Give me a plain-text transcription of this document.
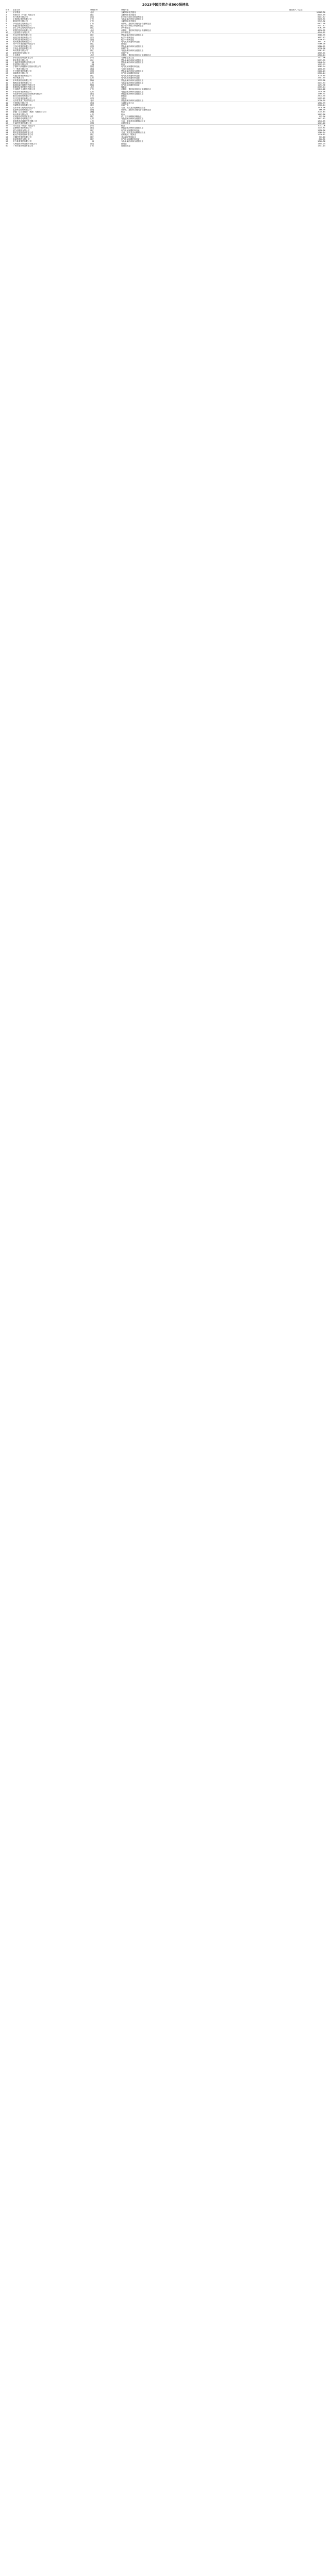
2023中国民营企业500强榜单
排名	企业名称	所属省份	所属行业		营业收入（亿元）
1	京东集团	北京	互联网和相关服务		10462.36
2	阿里巴巴（中国）有限公司	浙江	互联网和相关服务		8645.39
3	恒力集团有限公司	江苏	化学原料和化学制品制造业		6117.57
4	正威国际集团有限公司	广东	有色金属冶炼和压延加工业		6136.31
5	腾讯控股有限公司	广东	互联网和相关服务		5545.52
6	华为投资控股有限公司	广东	计算机、通信和其他电子设备制造业		6423.38
7	荣盛控股集团有限公司	浙江	化学原料和化学制品制造业		5111.67
8	浙江吉利控股集团有限公司	浙江	汽车制造业		4062.69
9	联想控股股份有限公司	北京	计算机、通信和其他电子设备制造业		4836.32
10	比亚迪股份有限公司	广东	汽车制造业		4240.61
11	青山控股集团有限公司	浙江	黑色金属冶炼和压延加工业		3680.95
12	盛虹控股集团有限公司	江苏	化学纤维制造业		3652.12
13	恒申控股集团有限公司	福建	化学纤维制造业		3206.53
14	美的集团股份有限公司	广东	电气机械和器材制造业		3457.09
15	物产中大集团股份有限公司	浙江	批发业		5766.28
16	江苏沙钢集团有限公司	江苏	黑色金属冶炼和压延加工业		2886.51
17	万科企业股份有限公司	广东	房地产业		5038.38
18	海亮集团有限公司	浙江	有色金属冶炼和压延加工业		2581.87
19	碧桂园控股有限公司	广东	房地产业		4305.71
20	小米集团	北京	计算机、通信和其他电子设备制造业		2800.44
21	新希望控股集团有限公司	四川	农副食品加工业		2721.96
22	敬业集团有限公司	河北	黑色金属冶炼和压延加工业		2537.05
23	上海德龙钢铁集团有限公司	上海	黑色金属冶炼和压延加工业		2448.94
24	复星国际有限公司	上海	综合		1753.93
25	宁德时代新能源科技股份有限公司	福建	电气机械和器材制造业		3285.94
26	三一集团有限公司	湖南	专用设备制造业		1656.59
27	中天钢铁集团有限公司	江苏	黑色金属冶炼和压延加工业		2102.13
28	通威集团有限公司	四川	电气机械和器材制造业		2310.14
29	天能控股集团有限公司	浙江	电气机械和器材制造业		2030.80
30	海尔集团公司	山东	电气机械和器材制造业		2501.55
31	东岭集团股份有限公司	陕西	黑色金属冶炼和压延加工业		1735.88
32	魏桥创业集团有限公司	山东	有色金属冶炼和压延加工业		4133.33
33	隆基绿能科技股份有限公司	陕西	电气机械和器材制造业		1294.98
34	泰康保险集团股份有限公司	北京	保险业		2559.74
35	立讯精密工业股份有限公司	广东	计算机、通信和其他电子设备制造业		2140.28
36	中国宏桥集团有限公司	山东	有色金属冶炼和压延加工业		1339.98
37	河北新华联合冶金控股集团有限公司	河北	黑色金属冶炼和压延加工业		1569.91
38	顺丰控股股份有限公司	广东	邮政业		2674.90
39	苏宁控股集团有限公司	江苏	零售业		2522.62
40	北京建龙重工集团有限公司	北京	黑色金属冶炼和压延加工业		2056.30
41	万洲国际有限公司	河南	农副食品加工业		1862.99
42	龙湖集团控股有限公司	重庆	房地产业		2506.44
43	山东东明石化集团有限公司	山东	石油、煤炭及其他燃料加工业		1578.36
44	蓝思科技股份有限公司	湖南	计算机、通信和其他电子设备制造业		466.99
45	新疆广汇实业投资（集团）有限责任公司	新疆	综合		2015.44
46	南山集团有限公司	山东	综合		1403.86
47	杭州娃哈哈集团有限公司	浙江	酒、饮料和精制茶制造业		512.76
48	山东魏桥铝电有限公司	山东	有色金属冶炼和压延加工业		1437.62
49	富海集团新能源控股有限公司	山东	石油、煤炭及其他燃料加工业		1340.75
50	中南控股集团有限公司	江苏	房屋建筑业		1501.40
51	四川宏达（集团）有限公司	四川	综合		1012.06
52	金鼎钢铁集团有限公司	河北	黑色金属冶炼和压延加工业		1215.81
53	德力西集团有限公司	浙江	电气机械和器材制造业		1228.36
54	利华益集团股份有限公司	山东	石油、煤炭及其他燃料加工业		1360.24
55	雅戈尔集团股份有限公司	浙江	纺织服装、服饰业		1236.11
56	红狮控股集团有限公司	浙江	非金属矿物制品业		713.40
57	奥克斯集团有限公司	浙江	电气机械和器材制造业		806.31
58	东方希望集团有限公司	上海	有色金属冶炼和压延加工业		1360.08
59	九州通医药集团股份有限公司	湖北	批发业		1404.24
60	广州市建筑集团有限公司	广东	房屋建筑业		1311.14
